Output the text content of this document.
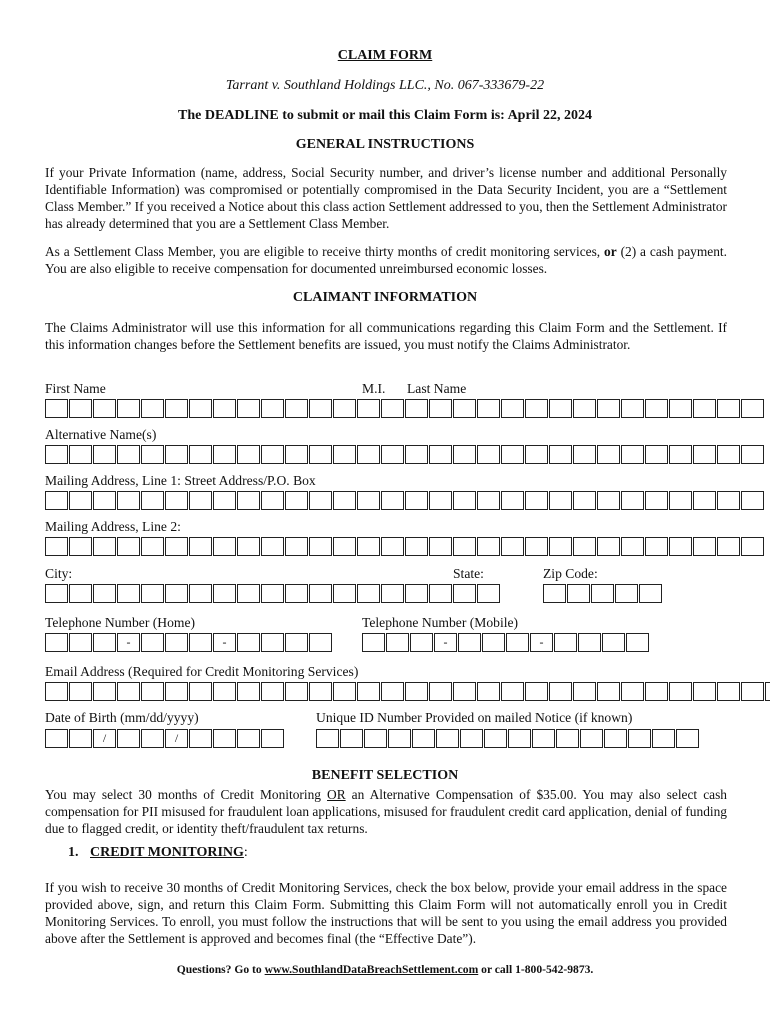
CLAIM FORM
Tarrant v. Southland Holdings LLC., No. 067-333679-22
The DEADLINE to submit or mail this Claim Form is: April 22, 2024
GENERAL INSTRUCTIONS
If your Private Information (name, address, Social Security number, and driver’s license number and additional Personally Identifiable Information) was compromised or potentially compromised in the Data Security Incident, you are a “Settlement Class Member.” If you received a Notice about this class action Settlement addressed to you, then the Settlement Administrator has already determined that you are a Settlement Class Member.
As a Settlement Class Member, you are eligible to receive thirty months of credit monitoring services, or (2) a cash payment. You are also eligible to receive compensation for documented unreimbursed economic losses.
CLAIMANT INFORMATION
The Claims Administrator will use this information for all communications regarding this Claim Form and the Settlement. If this information changes before the Settlement benefits are issued, you must notify the Claims Administrator.
First Name	M.I. Last Name
Alternative Name(s)
Mailing Address, Line 1: Street Address/P.O. Box
Mailing Address, Line 2:
City:	State:	Zip Code:
Telephone Number (Home)	Telephone Number (Mobile)
-	-	-	-
Email Address (Required for Credit Monitoring Services)
Date of Birth (mm/dd/yyyy)	Unique ID Number Provided on mailed Notice (if known)
/	/
BENEFIT SELECTION
You may select 30 months of Credit Monitoring OR an Alternative Compensation of $35.00. You may also select cash compensation for PII misused for fraudulent loan applications, misused for fraudulent credit card application, denial of funding due to flagged credit, or identity theft/fraudulent tax returns.
1. CREDIT MONITORING:
If you wish to receive 30 months of Credit Monitoring Services, check the box below, provide your email address in the space provided above, sign, and return this Claim Form. Submitting this Claim Form will not automatically enroll you in Credit Monitoring Services. To enroll, you must follow the instructions that will be sent to you using the email address you provided above after the Settlement is approved and becomes final (the “Effective Date”).
Questions? Go to www.SouthlandDataBreachSettlement.com or call 1-800-542-9873.
